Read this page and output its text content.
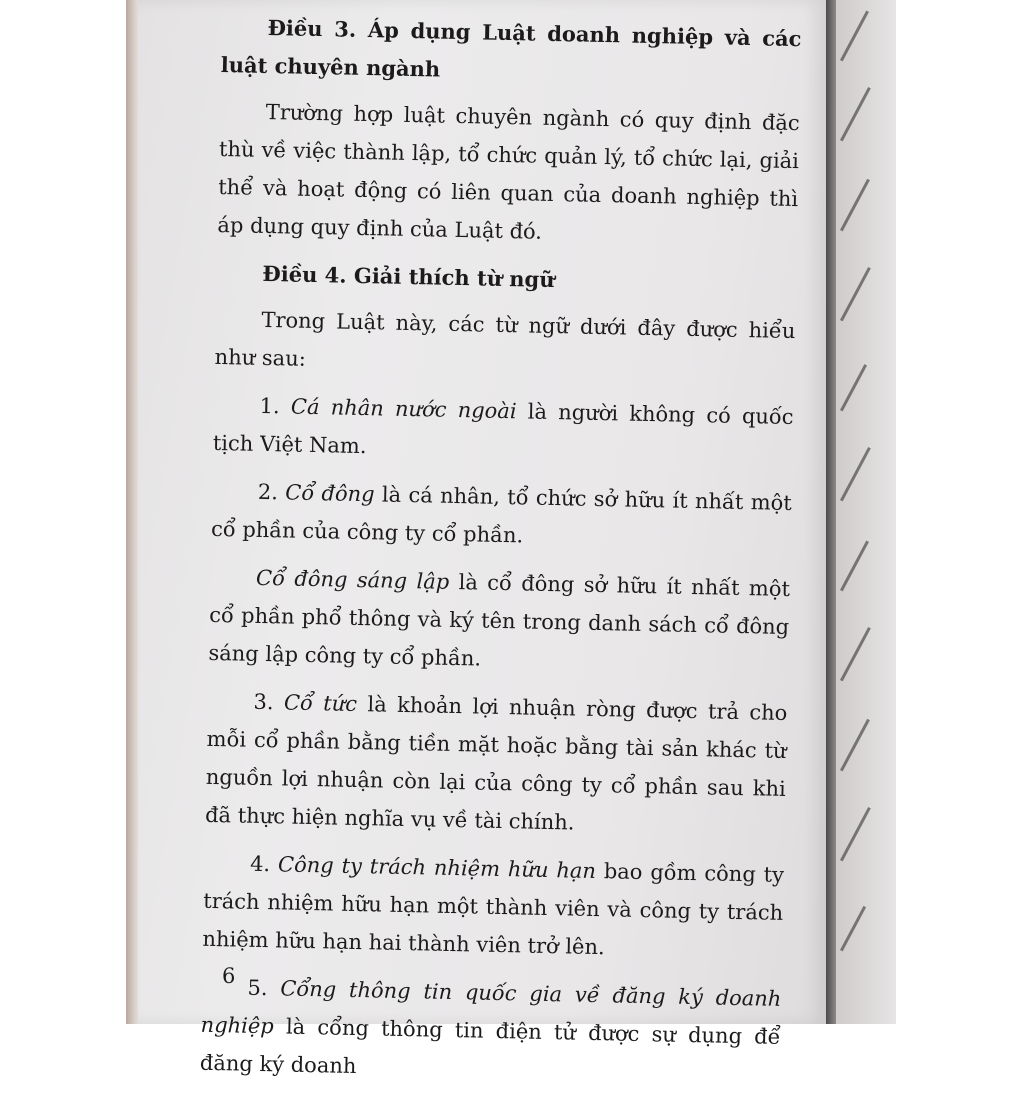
Điều 3. Áp dụng Luật doanh nghiệp và các luật chuyên ngành

Trường hợp luật chuyên ngành có quy định đặc thù về việc thành lập, tổ chức quản lý, tổ chức lại, giải thể và hoạt động có liên quan của doanh nghiệp thì áp dụng quy định của Luật đó.

Điều 4. Giải thích từ ngữ

Trong Luật này, các từ ngữ dưới đây được hiểu như sau:

1. Cá nhân nước ngoài là người không có quốc tịch Việt Nam.

2. Cổ đông là cá nhân, tổ chức sở hữu ít nhất một cổ phần của công ty cổ phần.

Cổ đông sáng lập là cổ đông sở hữu ít nhất một cổ phần phổ thông và ký tên trong danh sách cổ đông sáng lập công ty cổ phần.

3. Cổ tức là khoản lợi nhuận ròng được trả cho mỗi cổ phần bằng tiền mặt hoặc bằng tài sản khác từ nguồn lợi nhuận còn lại của công ty cổ phần sau khi đã thực hiện nghĩa vụ về tài chính.

4. Công ty trách nhiệm hữu hạn bao gồm công ty trách nhiệm hữu hạn một thành viên và công ty trách nhiệm hữu hạn hai thành viên trở lên.

5. Cổng thông tin quốc gia về đăng ký doanh nghiệp là cổng thông tin điện tử được sự dụng để đăng ký doanh

6
